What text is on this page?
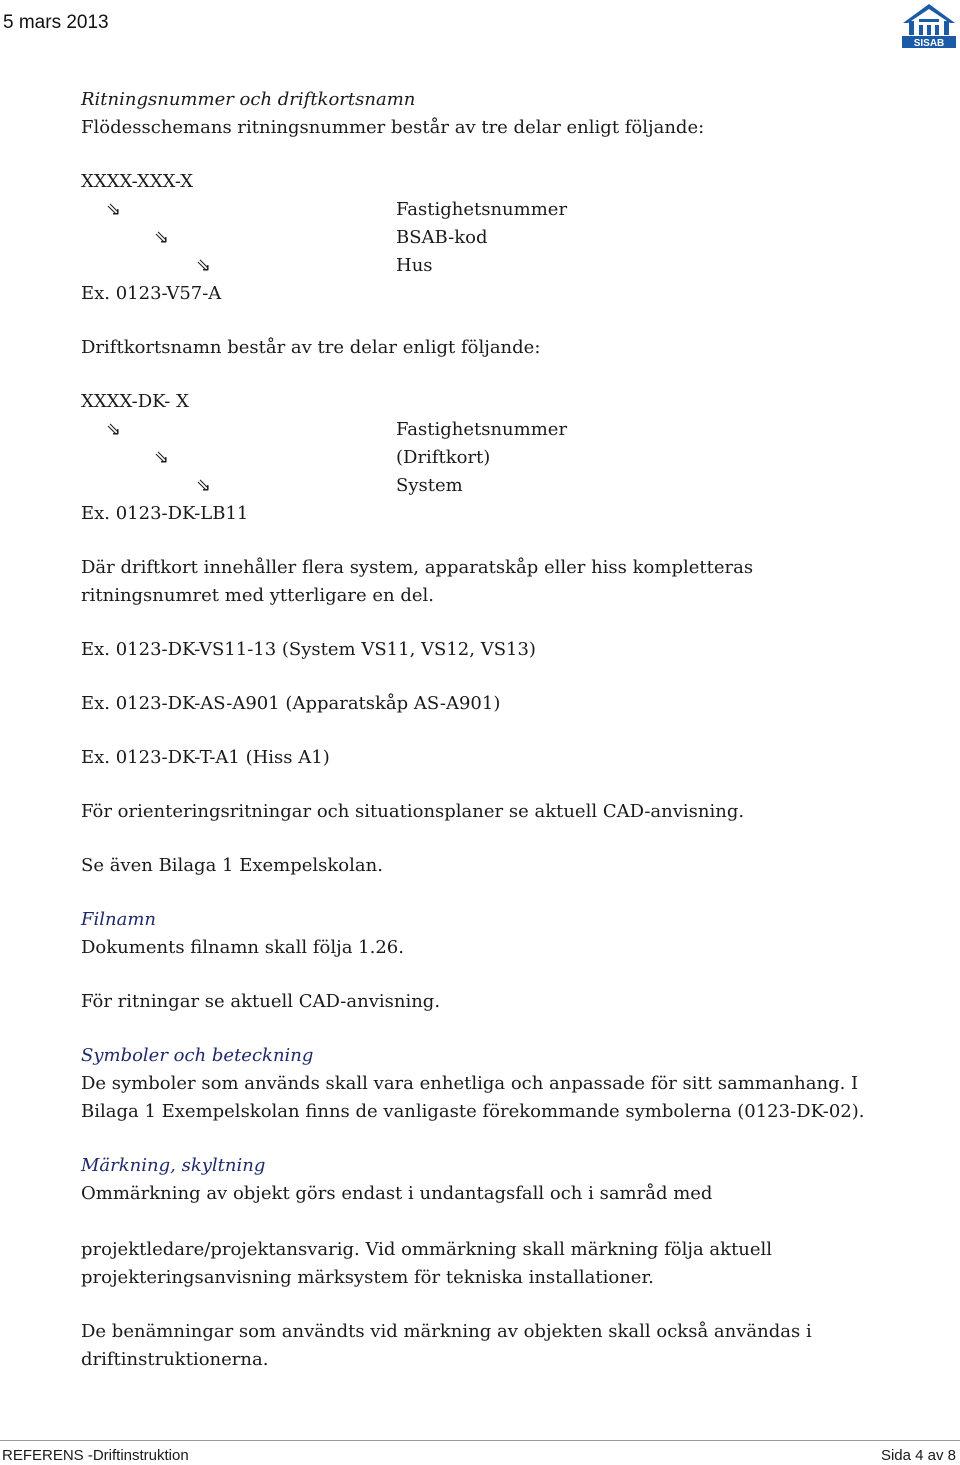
5 mars 2013
SISAB

Ritningsnummer och driftkortsnamn

Flödesschemans ritningsnummer består av tre delar enligt följande:

XXXX-XXX-X

⇘	Fastighetsnummer
⇘	BSAB-kod
⇘	Hus

Ex. 0123-V57-A

Driftkortsnamn består av tre delar enligt följande:

XXXX-DK- X

⇘	Fastighetsnummer
⇘	(Driftkort)
⇘	System

Ex. 0123-DK-LB11

Där driftkort innehåller flera system, apparatskåp eller hiss kompletteras

ritningsnumret med ytterligare en del.

Ex. 0123-DK-VS11-13 (System VS11, VS12, VS13)

Ex. 0123-DK-AS-A901 (Apparatskåp AS-A901)

Ex. 0123-DK-T-A1 (Hiss A1)

För orienteringsritningar och situationsplaner se aktuell CAD-anvisning.

Se även Bilaga 1 Exempelskolan.

Filnamn

Dokuments filnamn skall följa 1.26.

För ritningar se aktuell CAD-anvisning.

Symboler och beteckning

De symboler som används skall vara enhetliga och anpassade för sitt sammanhang. I

Bilaga 1 Exempelskolan finns de vanligaste förekommande symbolerna (0123-DK-02).

Märkning, skyltning

Ommärkning av objekt görs endast i undantagsfall och i samråd med

projektledare/projektansvarig. Vid ommärkning skall märkning följa aktuell

projekteringsanvisning märksystem för tekniska installationer.

De benämningar som användts vid märkning av objekten skall också användas i

driftinstruktionerna.

REFERENS -Driftinstruktion	Sida 4 av 8
